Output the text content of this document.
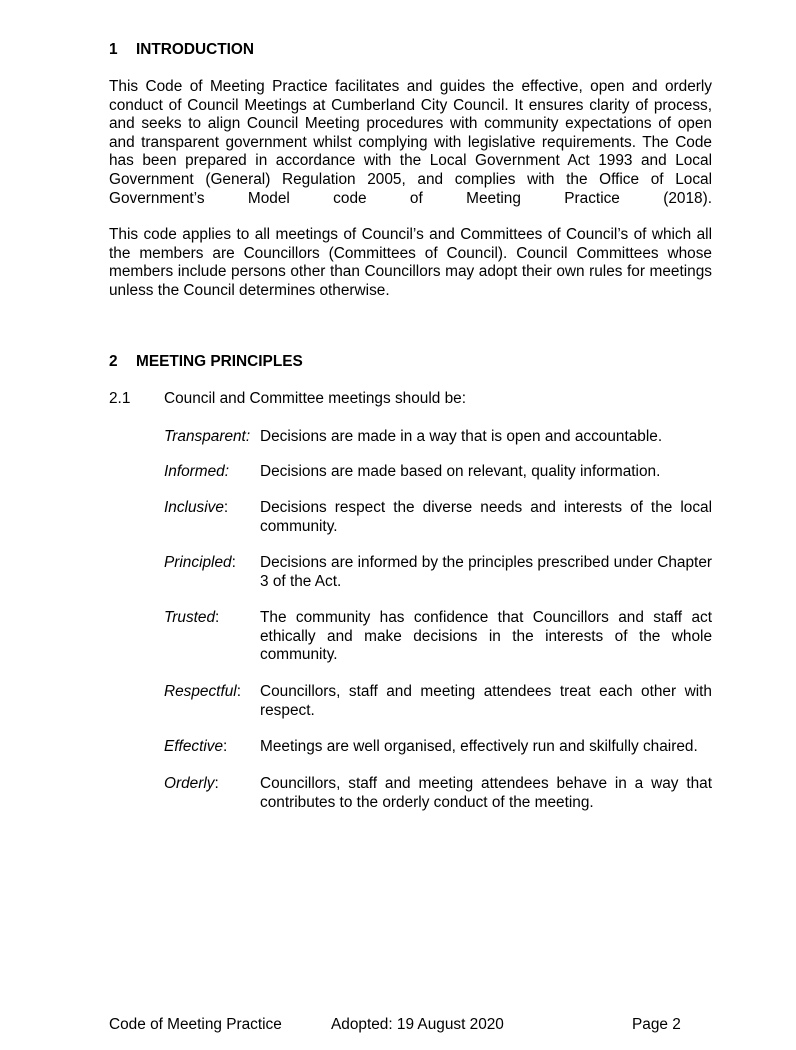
1	INTRODUCTION

This Code of Meeting Practice facilitates and guides the effective, open and orderly conduct of Council Meetings at Cumberland City Council. It ensures clarity of process, and seeks to align Council Meeting procedures with community expectations of open and transparent government whilst complying with legislative requirements. The Code has been prepared in accordance with the Local Government Act 1993 and Local Government (General) Regulation 2005, and complies with the Office of Local Government’s Model code of Meeting Practice (2018).

This code applies to all meetings of Council’s and Committees of Council’s of which all the members are Councillors (Committees of Council). Council Committees whose members include persons other than Councillors may adopt their own rules for meetings unless the Council determines otherwise.

2	MEETING PRINCIPLES
2.1	Council and Committee meetings should be:
Transparent: Decisions are made in a way that is open and accountable.
Informed:	Decisions are made based on relevant, quality information.
Inclusive:	Decisions respect the diverse needs and interests of the local community.
Principled:	Decisions are informed by the principles prescribed under Chapter 3 of the Act.
Trusted:	The community has confidence that Councillors and staff act ethically and make decisions in the interests of the whole community.
Respectful:	Councillors, staff and meeting attendees treat each other with respect.
Effective:	Meetings are well organised, effectively run and skilfully chaired.
Orderly:	Councillors, staff and meeting attendees behave in a way that contributes to the orderly conduct of the meeting.
Code of Meeting Practice	Adopted: 19 August 2020	Page 2
